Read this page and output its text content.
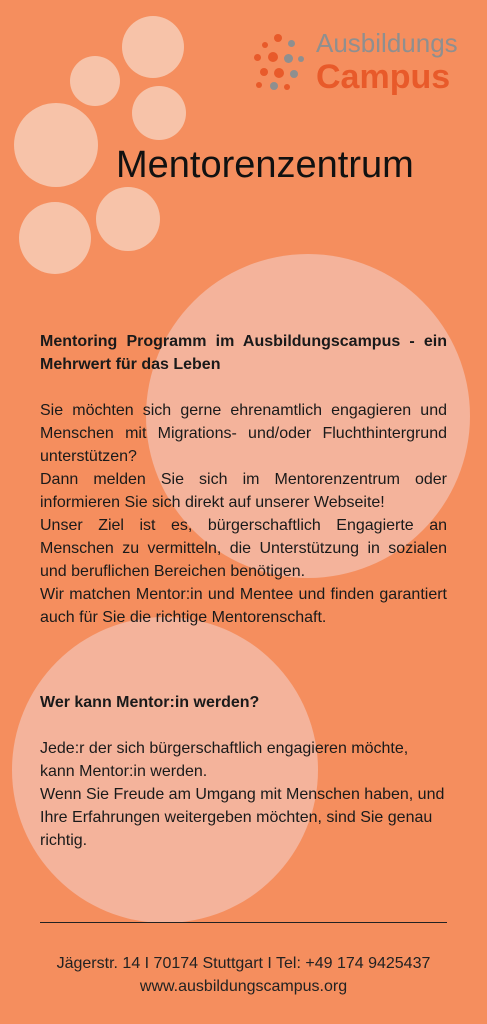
Ausbildungs
Campus
Mentorenzentrum
Mentoring Programm im Ausbildungscampus - ein Mehrwert für das Leben

Sie möchten sich gerne ehrenamtlich engagieren und Menschen mit Migrations- und/oder Fluchthintergrund unterstützen?

Dann melden Sie sich im Mentorenzentrum oder informieren Sie sich direkt auf unserer Webseite!

Unser Ziel ist es, bürgerschaftlich Engagierte an Menschen zu vermitteln, die Unterstützung in sozialen und beruflichen Bereichen benötigen.

Wir matchen Mentor:in und Mentee und finden garantiert auch für Sie die richtige Mentorenschaft.

Wer kann Mentor:in werden?

Jede:r der sich bürgerschaftlich engagieren möchte, kann Mentor:in werden.

Wenn Sie Freude am Umgang mit Menschen haben, und Ihre Erfahrungen weitergeben möchten, sind Sie genau richtig.

Jägerstr. 14 I 70174 Stuttgart I Tel: +49 174 9425437
www.ausbildungscampus.org
